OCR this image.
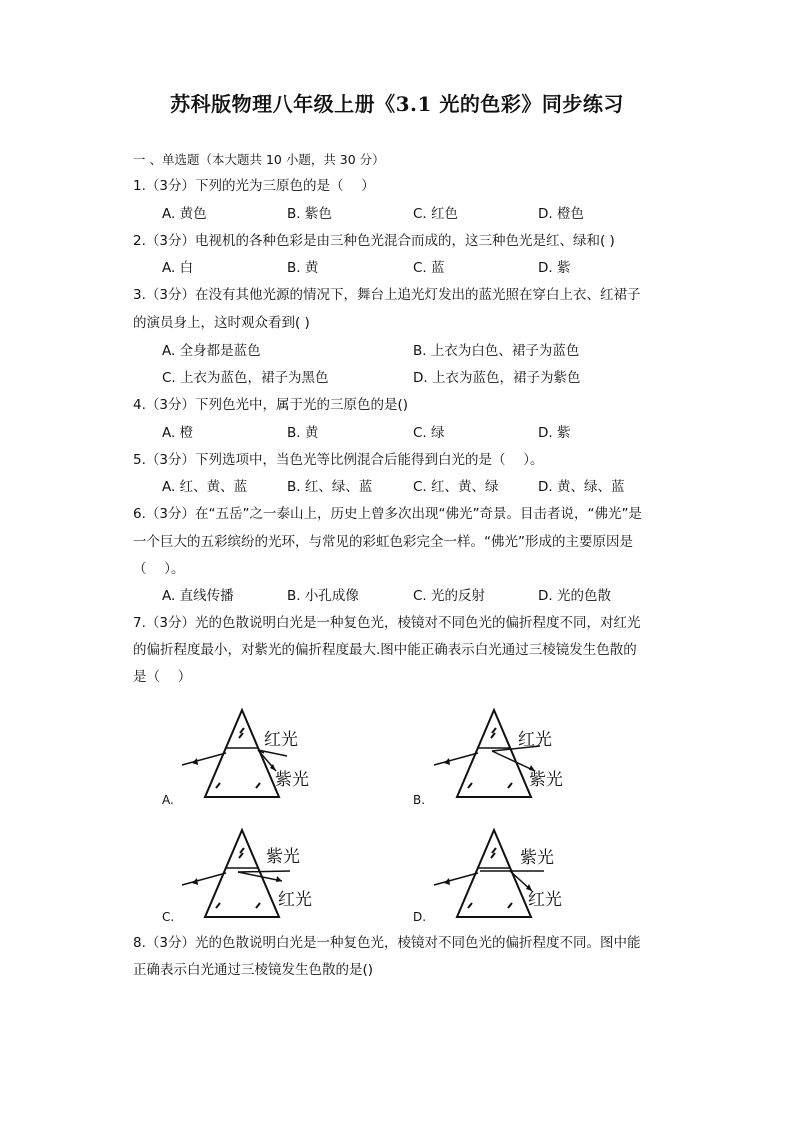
苏科版物理八年级上册《3.1 光的色彩》同步练习
一 、单选题（本大题共 10 小题，共 30 分）
1.（3分）下列的光为三原色的是（　 ）
A. 黄色	B. 紫色	C. 红色	D. 橙色
2.（3分）电视机的各种色彩是由三种色光混合而成的，这三种色光是红、绿和( )
A. 白	B. 黄	C. 蓝	D. 紫
3.（3分）在没有其他光源的情况下，舞台上追光灯发出的蓝光照在穿白上衣、红裙子
的演员身上，这时观众看到( )
A. 全身都是蓝色	B. 上衣为白色、裙子为蓝色
C. 上衣为蓝色，裙子为黑色	D. 上衣为蓝色，裙子为紫色
4.（3分）下列色光中，属于光的三原色的是()
A. 橙	B. 黄	C. 绿	D. 紫
5.（3分）下列选项中，当色光等比例混合后能得到白光的是（　 ）。
A. 红、黄、蓝	B. 红、绿、蓝	C. 红、黄、绿	D. 黄、绿、蓝
6.（3分）在“五岳”之一泰山上，历史上曾多次出现“佛光”奇景。目击者说，“佛光”是
一个巨大的五彩缤纷的光环，与常见的彩虹色彩完全一样。“佛光”形成的主要原因是
（　 ）。
A. 直线传播	B. 小孔成像	C. 光的反射	D. 光的色散
7.（3分）光的色散说明白光是一种复色光，棱镜对不同色光的偏折程度不同，对红光
的偏折程度最小，对紫光的偏折程度最大.图中能正确表示白光通过三棱镜发生色散的
是（　 ）
A.
红光
紫光
B.
红光
紫光
C.
紫光
红光
D.
紫光
红光
8.（3分）光的色散说明白光是一种复色光，棱镜对不同色光的偏折程度不同。图中能
正确表示白光通过三棱镜发生色散的是()
